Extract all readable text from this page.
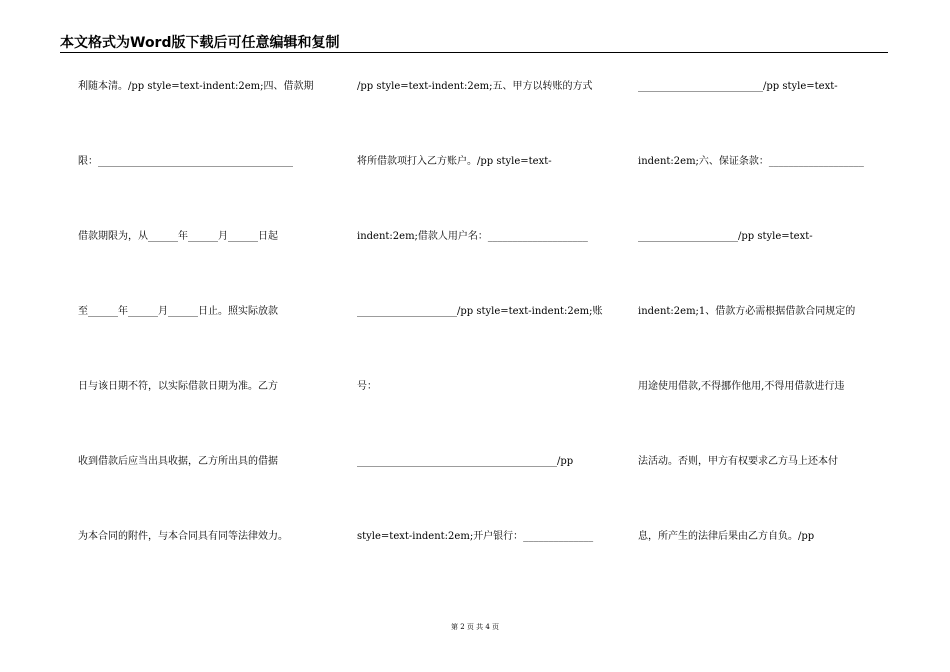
本文格式为Word版下载后可任意编辑和复制
利随本清。/pp style=text-indent:2em;四、借款期
限：_______________________________________
借款期限为，从______年______月______日起
至______年______月______日止。照实际放款
日与该日期不符，以实际借款日期为准。乙方
收到借款后应当出具收据，乙方所出具的借据
为本合同的附件，与本合同具有同等法律效力。
/pp style=text-indent:2em;五、甲方以转账的方式
将所借款项打入乙方账户。/pp style=text-
indent:2em;借款人用户名：____________________
____________________/pp style=text-indent:2em;账
号：
________________________________________/pp
style=text-indent:2em;开户银行：______________
_________________________/pp style=text-
indent:2em;六、保证条款：___________________
____________________/pp style=text-
indent:2em;1、借款方必需根据借款合同规定的
用途使用借款,不得挪作他用,不得用借款进行违
法活动。否则，甲方有权要求乙方马上还本付
息，所产生的法律后果由乙方自负。/pp
第 2 页 共 4 页
